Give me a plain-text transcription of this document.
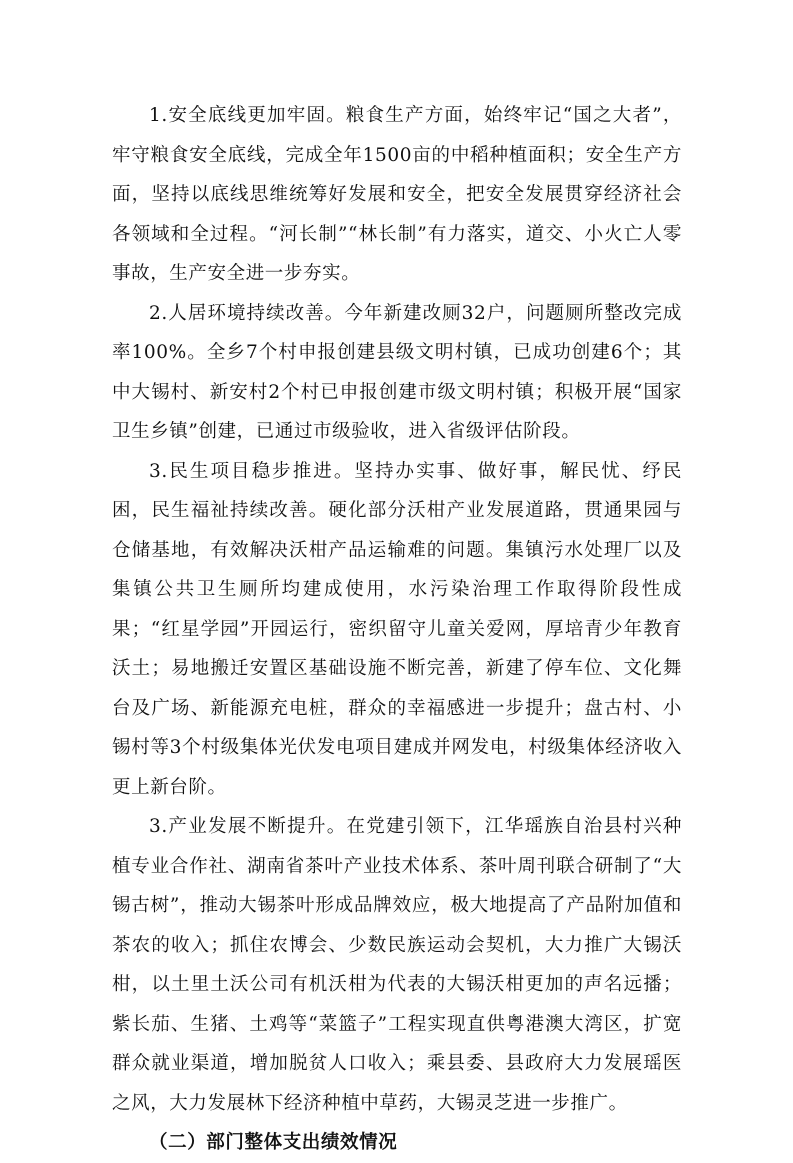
1.安全底线更加牢固。粮食生产方面，始终牢记“国之大者”，牢守粮食安全底线，完成全年1500亩的中稻种植面积；安全生产方面，坚持以底线思维统筹好发展和安全，把安全发展贯穿经济社会各领域和全过程。“河长制”“林长制”有力落实，道交、小火亡人零事故，生产安全进一步夯实。

2.人居环境持续改善。今年新建改厕32户，问题厕所整改完成率100%。全乡7个村申报创建县级文明村镇，已成功创建6个；其中大锡村、新安村2个村已申报创建市级文明村镇；积极开展“国家卫生乡镇”创建，已通过市级验收，进入省级评估阶段。

3.民生项目稳步推进。坚持办实事、做好事，解民忧、纾民困，民生福祉持续改善。硬化部分沃柑产业发展道路，贯通果园与仓储基地，有效解决沃柑产品运输难的问题。集镇污水处理厂以及集镇公共卫生厕所均建成使用，水污染治理工作取得阶段性成果；“红星学园”开园运行，密织留守儿童关爱网，厚培青少年教育沃土；易地搬迁安置区基础设施不断完善，新建了停车位、文化舞台及广场、新能源充电桩，群众的幸福感进一步提升；盘古村、小锡村等3个村级集体光伏发电项目建成并网发电，村级集体经济收入更上新台阶。

3.产业发展不断提升。在党建引领下，江华瑶族自治县村兴种植专业合作社、湖南省茶叶产业技术体系、茶叶周刊联合研制了“大锡古树”，推动大锡茶叶形成品牌效应，极大地提高了产品附加值和茶农的收入；抓住农博会、少数民族运动会契机，大力推广大锡沃柑，以土里土沃公司有机沃柑为代表的大锡沃柑更加的声名远播；紫长茄、生猪、土鸡等“菜篮子”工程实现直供粤港澳大湾区，扩宽群众就业渠道，增加脱贫人口收入；乘县委、县政府大力发展瑶医之风，大力发展林下经济种植中草药，大锡灵芝进一步推广。

（二）部门整体支出绩效情况
